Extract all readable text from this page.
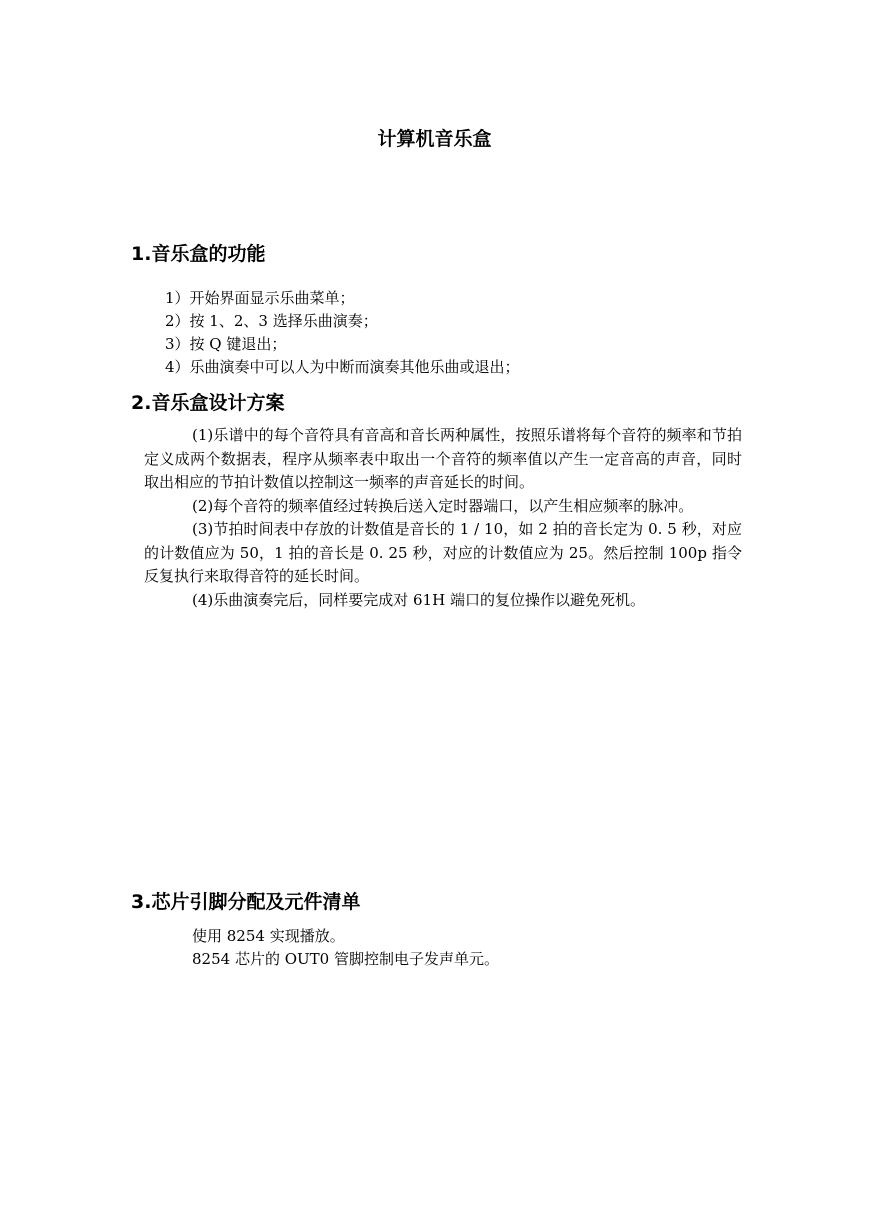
计算机音乐盒
1.音乐盒的功能
1）开始界面显示乐曲菜单；
2）按 1、2、3 选择乐曲演奏；
3）按 Q 键退出；
4）乐曲演奏中可以人为中断而演奏其他乐曲或退出；
2.音乐盒设计方案

(1)乐谱中的每个音符具有音高和音长两种属性，按照乐谱将每个音符的频率和节拍定义成两个数据表，程序从频率表中取出一个音符的频率值以产生一定音高的声音，同时取出相应的节拍计数值以控制这一频率的声音延长的时间。

(2)每个音符的频率值经过转换后送入定时器端口，以产生相应频率的脉冲。

(3)节拍时间表中存放的计数值是音长的 1 / 10，如 2 拍的音长定为 0. 5 秒，对应的计数值应为 50，1 拍的音长是 0. 25 秒，对应的计数值应为 25。然后控制 100p 指令反复执行来取得音符的延长时间。

(4)乐曲演奏完后，同样要完成对 61H 端口的复位操作以避免死机。

3.芯片引脚分配及元件清单

使用 8254 实现播放。

8254 芯片的 OUT0 管脚控制电子发声单元。
